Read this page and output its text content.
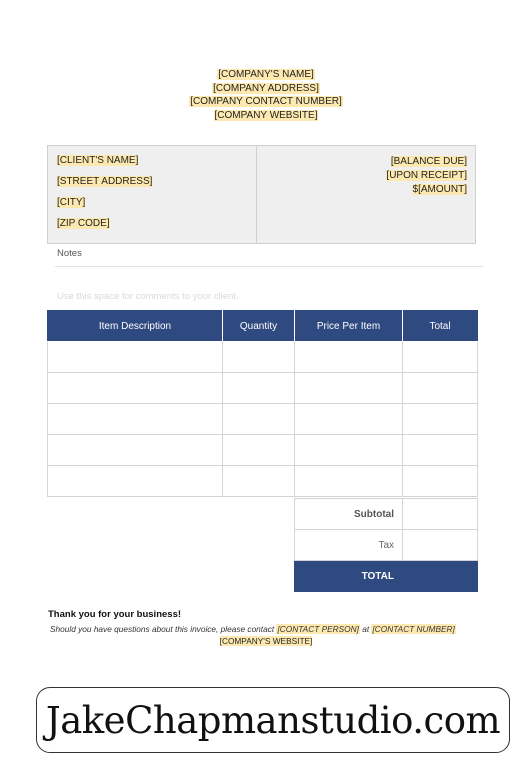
[COMPANY'S NAME]
[COMPANY ADDRESS]
[COMPANY CONTACT NUMBER]
[COMPANY WEBSITE]
[CLIENT'S NAME]
[STREET ADDRESS]
[CITY]
[ZIP CODE]
[BALANCE DUE]
[UPON RECEIPT]
$[AMOUNT]
Notes
Use this space for comments to your client.
Item Description	Quantity	Price Per Item	Total

Subtotal	
Tax	
TOTAL	
Thank you for your business!
Should you have questions about this invoice, please contact [CONTACT PERSON] at [CONTACT NUMBER]
[COMPANY'S WEBSITE]
JakeChapmanstudio.com
